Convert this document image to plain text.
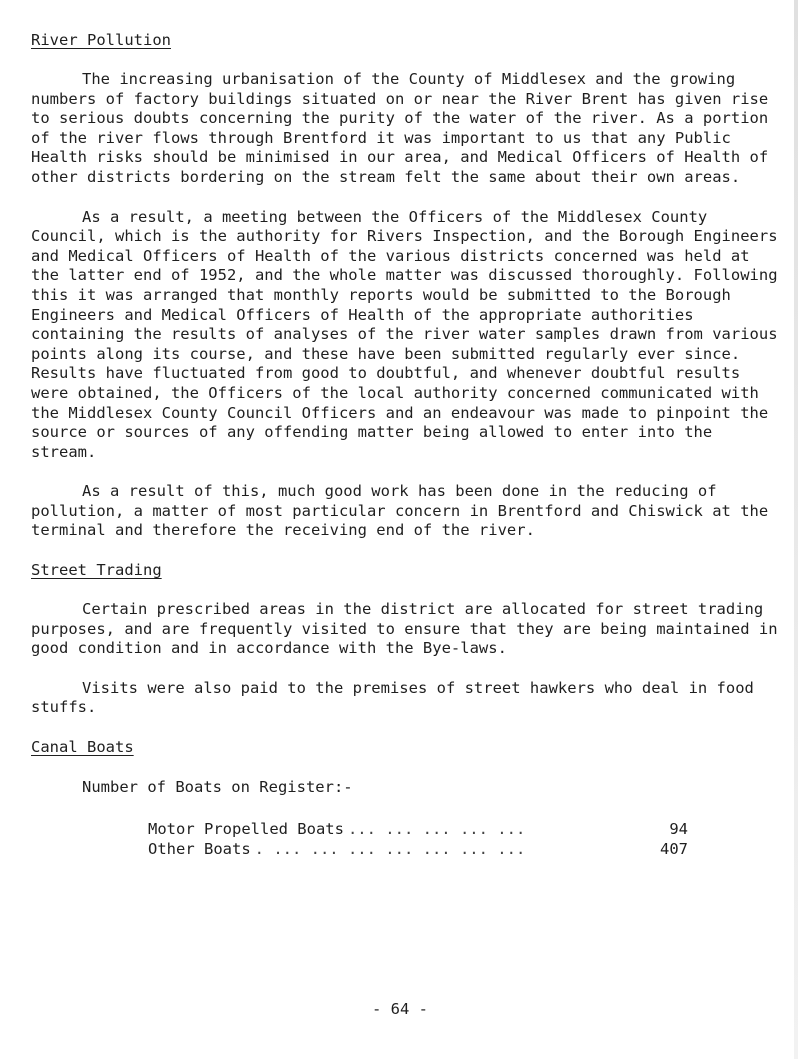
River Pollution

The increasing urbanisation of the County of Middlesex and the growing numbers of factory buildings situated on or near the River Brent has given rise to serious doubts concerning the purity of the water of the river. As a portion of the river flows through Brentford it was important to us that any Public Health risks should be minimised in our area, and Medical Officers of Health of other districts bordering on the stream felt the same about their own areas.

As a result, a meeting between the Officers of the Middlesex County Council, which is the authority for Rivers Inspection, and the Borough Engineers and Medical Officers of Health of the various districts concerned was held at the latter end of 1952, and the whole matter was discussed thoroughly. Following this it was arranged that monthly reports would be submitted to the Borough Engineers and Medical Officers of Health of the appropriate authorities containing the results of analyses of the river water samples drawn from various points along its course, and these have been submitted regularly ever since. Results have fluctuated from good to doubtful, and whenever doubtful results were obtained, the Officers of the local authority concerned communicated with the Middlesex County Council Officers and an endeavour was made to pinpoint the source or sources of any offending matter being allowed to enter into the stream.

As a result of this, much good work has been done in the reducing of pollution, a matter of most particular concern in Brentford and Chiswick at the terminal and therefore the receiving end of the river.

Street Trading

Certain prescribed areas in the district are allocated for street trading purposes, and are frequently visited to ensure that they are being maintained in good condition and in accordance with the Bye-laws.

Visits were also paid to the premises of street hawkers who deal in food stuffs.

Canal Boats

Number of Boats on Register:-

Motor Propelled Boats ... ... ... ... ...	94
Other Boats . ... ... ... ... ... ... ...	407
- 64 -
